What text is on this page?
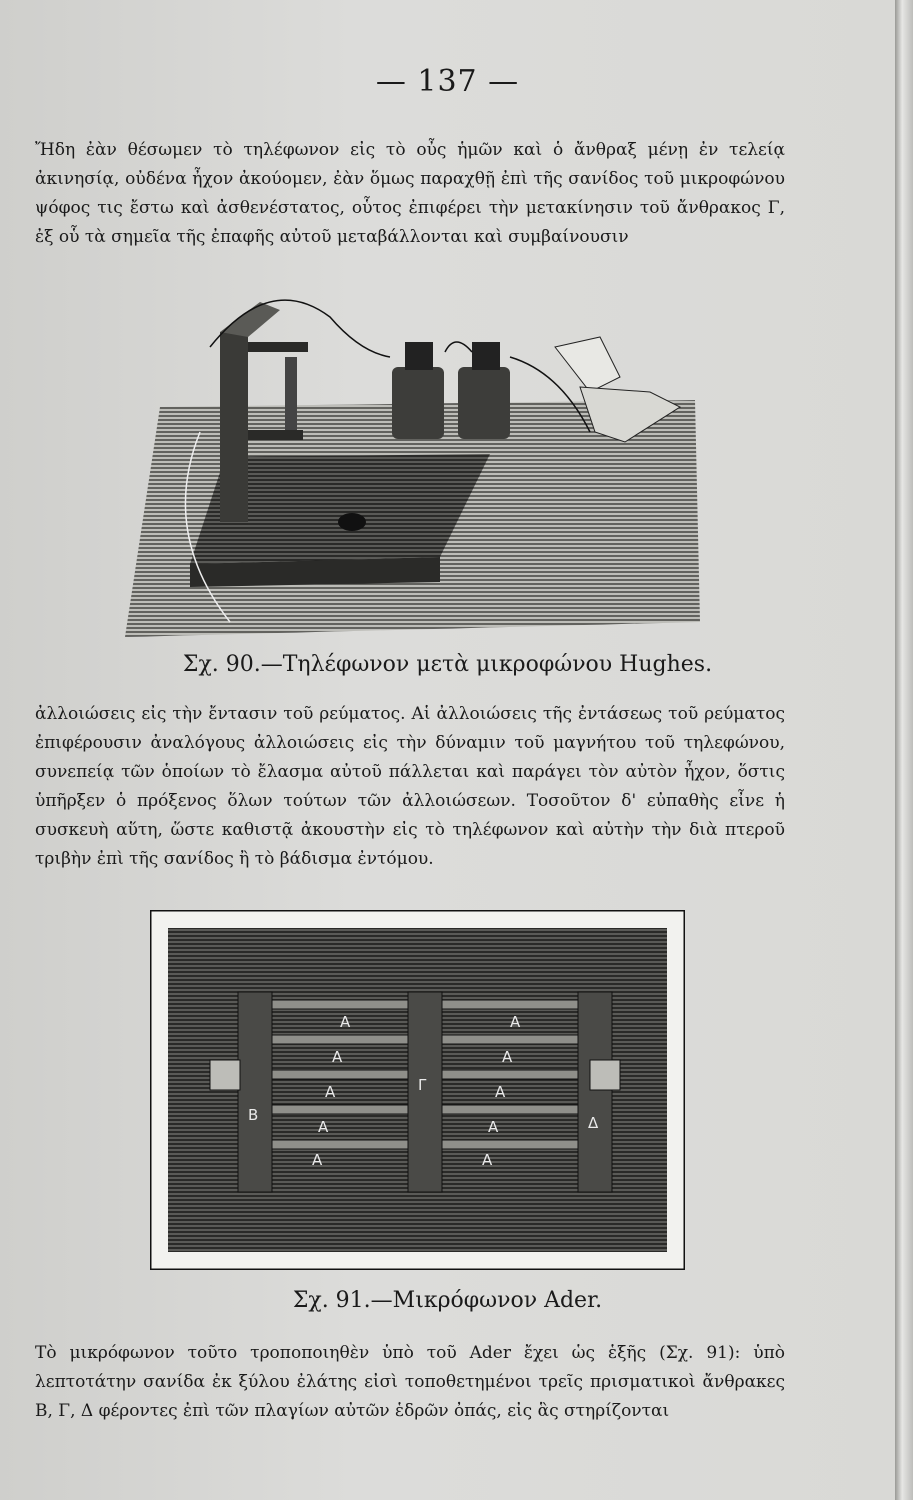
— 137 —
Ἤδη ἐὰν θέσωμεν τὸ τηλέφωνον εἰς τὸ οὖς ἡμῶν καὶ ὁ ἄνθραξ μένῃ ἐν τελείᾳ ἀκινησίᾳ, οὐδένα ἦχον ἀκούομεν, ἐὰν ὅμως παραχθῇ ἐπὶ τῆς σανίδος τοῦ μικροφώνου ψόφος τις ἔστω καὶ ἀσθενέστατος, οὗτος ἐπιφέρει τὴν μετακίνησιν τοῦ ἄνθρακος Γ, ἐξ οὗ τὰ σημεῖα τῆς ἐπαφῆς αὐτοῦ μεταβάλλονται καὶ συμβαίνουσιν
Σχ. 90.—Τηλέφωνον μετὰ μικροφώνου Hughes.
ἀλλοιώσεις εἰς τὴν ἔντασιν τοῦ ρεύματος. Αἱ ἀλλοιώσεις τῆς ἐντάσεως τοῦ ρεύματος ἐπιφέρουσιν ἀναλόγους ἀλλοιώσεις εἰς τὴν δύναμιν τοῦ μαγνήτου τοῦ τηλεφώνου, συνεπείᾳ τῶν ὁποίων τὸ ἔλασμα αὐτοῦ πάλλεται καὶ παράγει τὸν αὐτὸν ἦχον, ὅστις ὑπῆρξεν ὁ πρόξενος ὅλων τούτων τῶν ἀλλοιώσεων. Τοσοῦτον δ' εὐπαθὴς εἶνε ἡ συσκευὴ αὕτη, ὥστε καθιστᾷ ἀκουστὴν εἰς τὸ τηλέφωνον καὶ αὐτὴν τὴν διὰ πτεροῦ τριβὴν ἐπὶ τῆς σανίδος ἢ τὸ βάδισμα ἐντόμου.
A
A
A
A
A
A
A
A
A
A
B
Γ
Δ
Σχ. 91.—Μικρόφωνον Ader.
Τὸ μικρόφωνον τοῦτο τροποποιηθὲν ὑπὸ τοῦ Ader ἔχει ὡς ἑξῆς (Σχ. 91): ὑπὸ λεπτοτάτην σανίδα ἐκ ξύλου ἐλάτης εἰσὶ τοποθετημένοι τρεῖς πρισματικοὶ ἄνθρακες Β, Γ, Δ φέροντες ἐπὶ τῶν πλαγίων αὐτῶν ἑδρῶν ὀπάς, εἰς ἃς στηρίζονται
